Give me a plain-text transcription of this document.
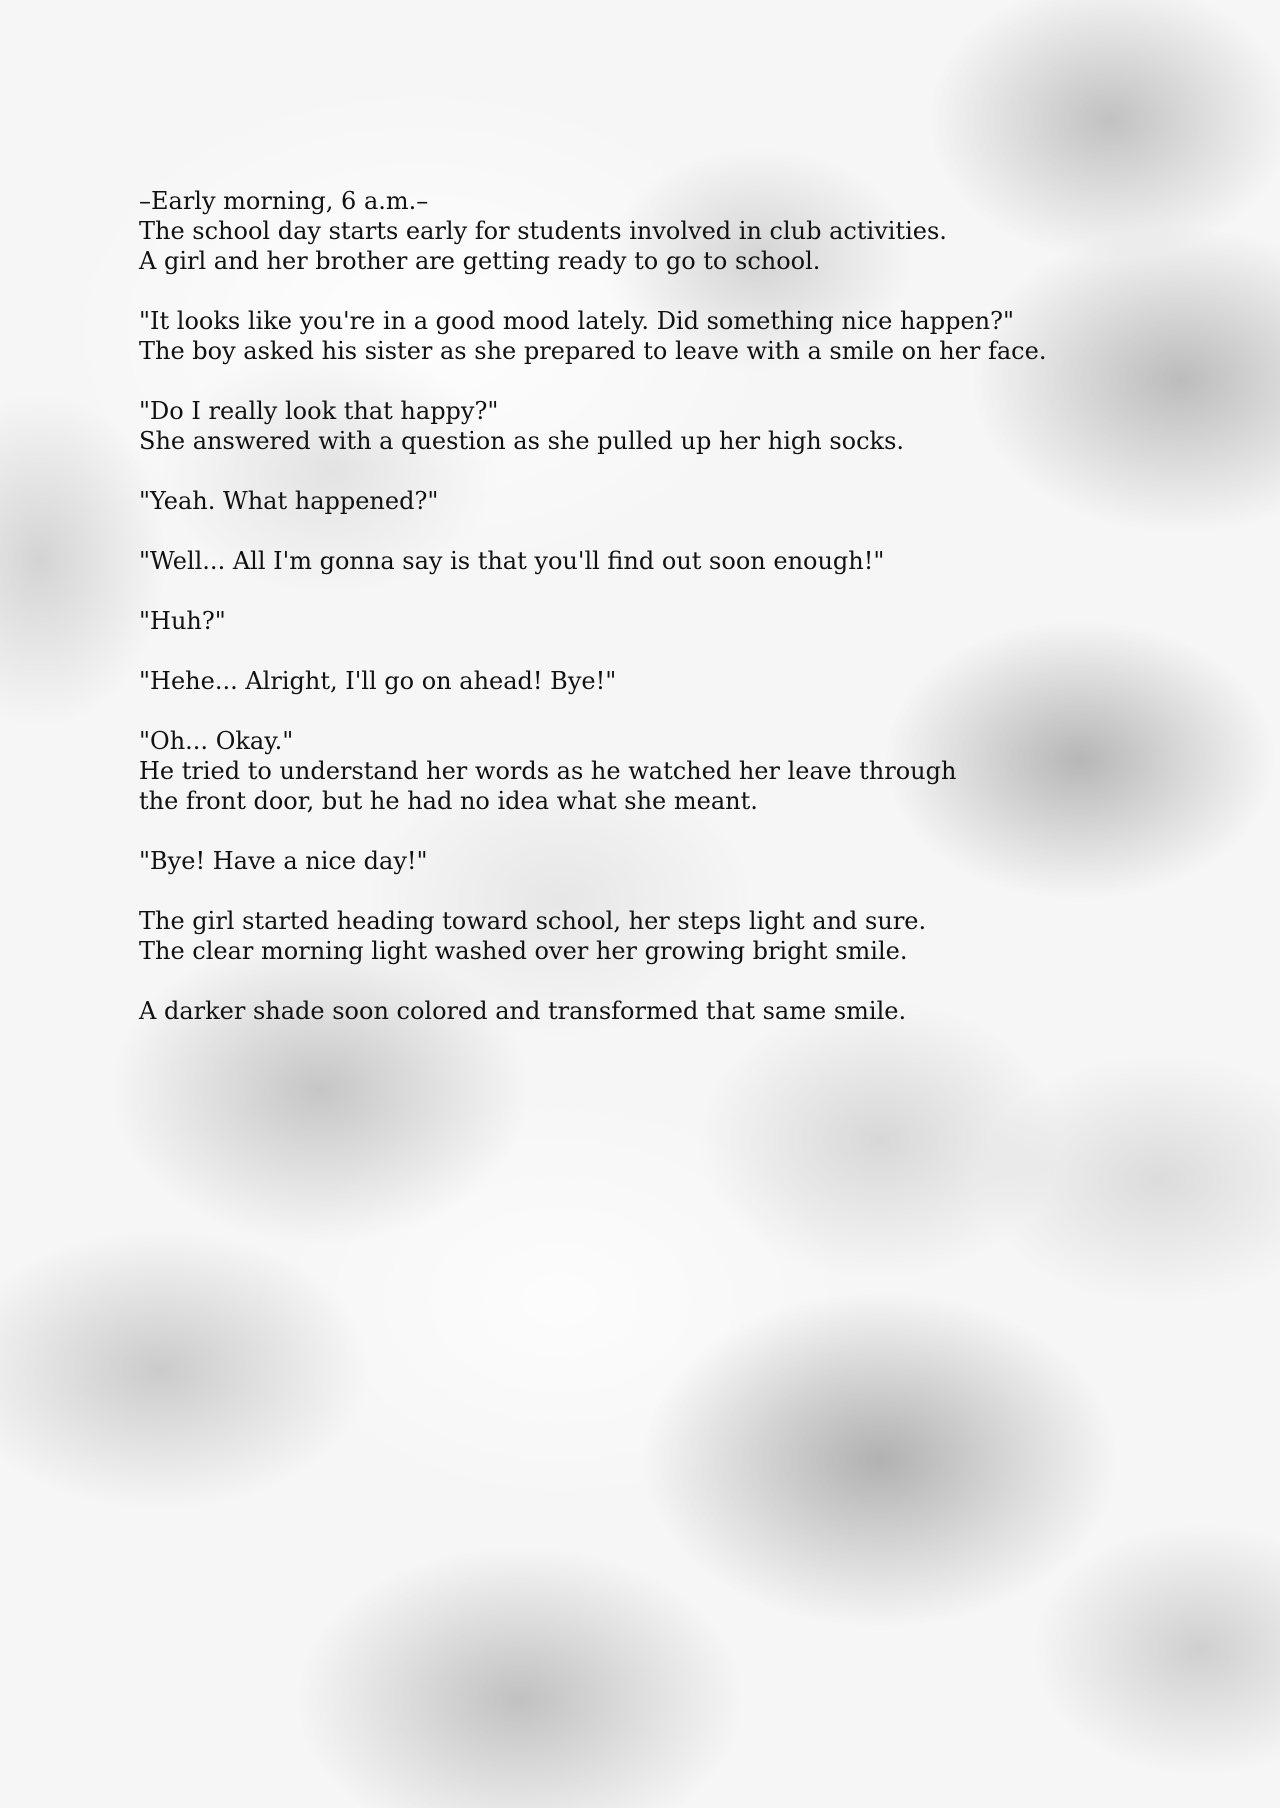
–Early morning, 6 a.m.–
The school day starts early for students involved in club activities.
A girl and her brother are getting ready to go to school.

"It looks like you're in a good mood lately. Did something nice happen?"
The boy asked his sister as she prepared to leave with a smile on her face.

"Do I really look that happy?"
She answered with a question as she pulled up her high socks.

"Yeah. What happened?"

"Well... All I'm gonna say is that you'll find out soon enough!"

"Huh?"

"Hehe... Alright, I'll go on ahead! Bye!"

"Oh... Okay."
He tried to understand her words as he watched her leave through
the front door, but he had no idea what she meant.

"Bye! Have a nice day!"

The girl started heading toward school, her steps light and sure.
The clear morning light washed over her growing bright smile.

A darker shade soon colored and transformed that same smile.
